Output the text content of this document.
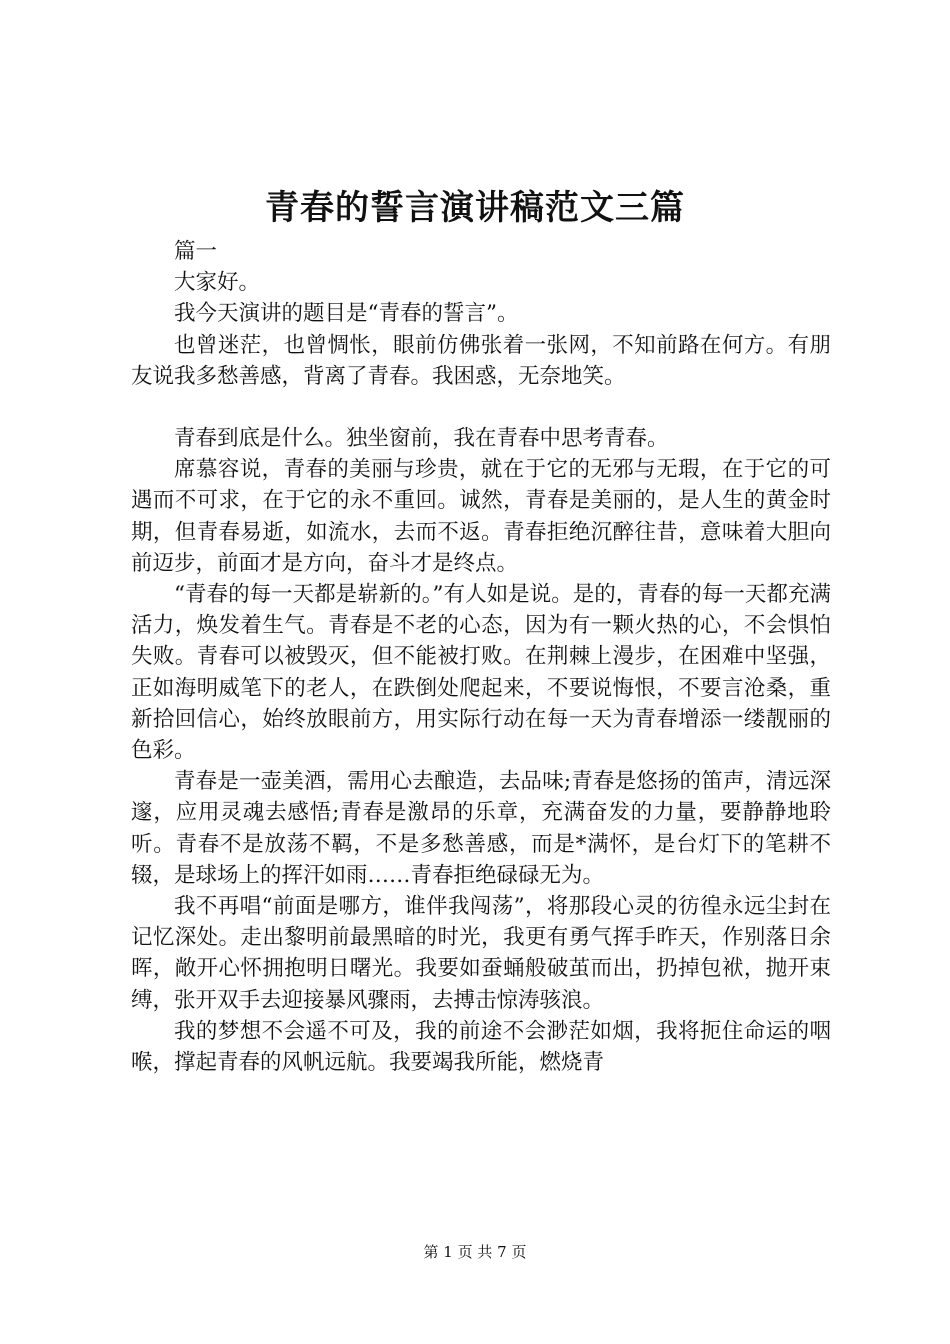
青春的誓言演讲稿范文三篇

篇一

大家好。

我今天演讲的题目是“青春的誓言”。

也曾迷茫，也曾惆怅，眼前仿佛张着一张网，不知前路在何方。有朋友说我多愁善感，背离了青春。我困惑，无奈地笑。

青春到底是什么。独坐窗前，我在青春中思考青春。

席慕容说，青春的美丽与珍贵，就在于它的无邪与无瑕，在于它的可遇而不可求，在于它的永不重回。诚然，青春是美丽的，是人生的黄金时期，但青春易逝，如流水，去而不返。青春拒绝沉醉往昔，意味着大胆向前迈步，前面才是方向，奋斗才是终点。

“青春的每一天都是崭新的。”有人如是说。是的，青春的每一天都充满活力，焕发着生气。青春是不老的心态，因为有一颗火热的心，不会惧怕失败。青春可以被毁灭，但不能被打败。在荆棘上漫步，在困难中坚强，正如海明威笔下的老人，在跌倒处爬起来，不要说悔恨，不要言沧桑，重新拾回信心，始终放眼前方，用实际行动在每一天为青春增添一缕靓丽的色彩。

青春是一壶美酒，需用心去酿造，去品味;青春是悠扬的笛声，清远深邃，应用灵魂去感悟;青春是激昂的乐章，充满奋发的力量，要静静地聆听。青春不是放荡不羁，不是多愁善感，而是*满怀，是台灯下的笔耕不辍，是球场上的挥汗如雨……青春拒绝碌碌无为。

我不再唱“前面是哪方，谁伴我闯荡”，将那段心灵的彷徨永远尘封在记忆深处。走出黎明前最黑暗的时光，我更有勇气挥手昨天，作别落日余晖，敞开心怀拥抱明日曙光。我要如蚕蛹般破茧而出，扔掉包袱，抛开束缚，张开双手去迎接暴风骤雨，去搏击惊涛骇浪。

我的梦想不会遥不可及，我的前途不会渺茫如烟，我将扼住命运的咽喉，撑起青春的风帆远航。我要竭我所能，燃烧青

第 1 页 共 7 页
